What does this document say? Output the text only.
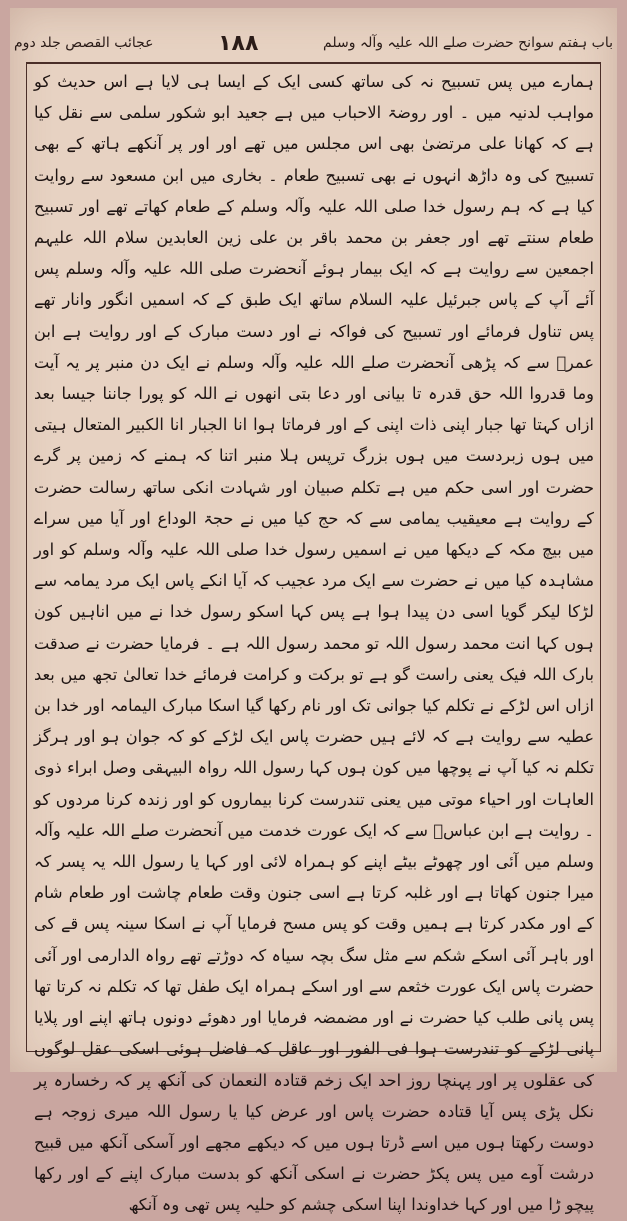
باب ہفتم سوانح حضرت صلے اللہ علیہ وآلہ وسلم
۱۸۸
عجائب القصص جلد دوم

ہمارے میں پس تسبیح نہ کی ساتھ کسی ایک کے ایسا ہی لایا ہے اس حدیث کو مواہب لدنیہ میں ۔ اور روضۃ الاحباب میں ہے جعید ابو شکور سلمی سے نقل کیا ہے کہ کھانا علی مرتضیٰ بھی اس مجلس میں تھے اور اور پر آنکھے ہاتھ کے بھی تسبیح کی وہ داڑھ انہوں نے بھی تسبیح طعام ۔ بخاری میں ابن مسعود سے روایت کیا ہے کہ ہم رسول خدا صلی اللہ علیہ وآلہ وسلم کے طعام کھاتے تھے اور تسبیح طعام سنتے تھے اور جعفر بن محمد باقر بن علی زین العابدین سلام اللہ علیہم اجمعین سے روایت ہے کہ ایک بیمار ہوئے آنحضرت صلی اللہ علیہ وآلہ وسلم پس آئے آپ کے پاس جبرئیل علیہ السلام ساتھ ایک طبق کے کہ اسمیں انگور وانار تھے پس تناول فرمائے اور تسبیح کی فواکہ نے اور دست مبارک کے اور روایت ہے ابن عمرؓ سے کہ پڑھی آنحضرت صلے اللہ علیہ وآلہ وسلم نے ایک دن منبر پر یہ آیت وما قدروا اللہ حق قدرہ تا بیانی اور دعا بتی انھوں نے اللہ کو پورا جاننا جیسا بعد ازاں کہتا تھا جبار اپنی ذات اپنی کے اور فرماتا ہوا انا الجبار انا الکبیر المتعال ہیتی میں ہوں زبردست میں ہوں بزرگ ترپس ہلا منبر اتنا کہ ہمنے کہ زمین پر گرے حضرت اور اسی حکم میں ہے تکلم صبیان اور شہادت انکی ساتھ رسالت حضرت کے روایت ہے معیقیب یمامی سے کہ حج کیا میں نے حجۃ الوداع اور آیا میں سراے میں بیچ مکہ کے دیکھا میں نے اسمیں رسول خدا صلی اللہ علیہ وآلہ وسلم کو اور مشاہدہ کیا میں نے حضرت سے ایک مرد عجیب کہ آیا انکے پاس ایک مرد یمامہ سے لڑکا لیکر گویا اسی دن پیدا ہوا ہے پس کہا اسکو رسول خدا نے میں اناہیں کون ہوں کہا انت محمد رسول اللہ تو محمد رسول اللہ ہے ۔ فرمایا حضرت نے صدقت بارک اللہ فیک یعنی راست گو ہے تو برکت و کرامت فرمائے خدا تعالیٰ تجھ میں بعد ازاں اس لڑکے نے تکلم کیا جوانی تک اور نام رکھا گیا اسکا مبارک الیمامہ اور خدا بن عطیہ سے روایت ہے کہ لائے ہیں حضرت پاس ایک لڑکے کو کہ جوان ہو اور ہرگز تکلم نہ کیا آپ نے پوچھا میں کون ہوں کہا رسول اللہ رواہ البیہقی وصل ابراء ذوی العاہات اور احیاء موتی میں یعنی تندرست کرنا بیماروں کو اور زندہ کرنا مردوں کو ۔ روایت ہے ابن عباسؓ سے کہ ایک عورت خدمت میں آنحضرت صلے اللہ علیہ وآلہ وسلم میں آئی اور چھوٹے بیٹے اپنے کو ہمراہ لائی اور کہا یا رسول اللہ یہ پسر کہ میرا جنون کھاتا ہے اور غلبہ کرتا ہے اسی جنون وقت طعام چاشت اور طعام شام کے اور مکدر کرتا ہے ہمیں وقت کو پس مسح فرمایا آپ نے اسکا سینہ پس قے کی اور باہر آئی اسکے شکم سے مثل سگ بچہ سیاہ کہ دوڑتے تھے رواہ الدارمی اور آئی حضرت پاس ایک عورت خثعم سے اور اسکے ہمراہ ایک طفل تھا کہ تکلم نہ کرتا تھا پس پانی طلب کیا حضرت نے اور مضمضہ فرمایا اور دھوئے دونوں ہاتھ اپنے اور پلایا پانی لڑکے کو تندرست ہوا فی الفور اور عاقل کہ فاضل ہوئی اسکی عقل لوگوں کی عقلوں پر اور پہنچا روز احد ایک زخم قتادہ النعمان کی آنکھ پر کہ رخسارہ پر نکل پڑی پس آیا قتادہ حضرت پاس اور عرض کیا یا رسول اللہ میری زوجہ ہے دوست رکھتا ہوں میں اسے ڈرتا ہوں میں کہ دیکھے مجھے اور آسکی آنکھ میں قبیح درشت آوے میں پس پکڑ حضرت نے اسکی آنکھ کو بدست مبارک اپنے کے اور رکھا پیچو ڑا میں اور کہا خداوندا اپنا اسکی چشم کو حلیہ پس تھی وہ آنکھ
